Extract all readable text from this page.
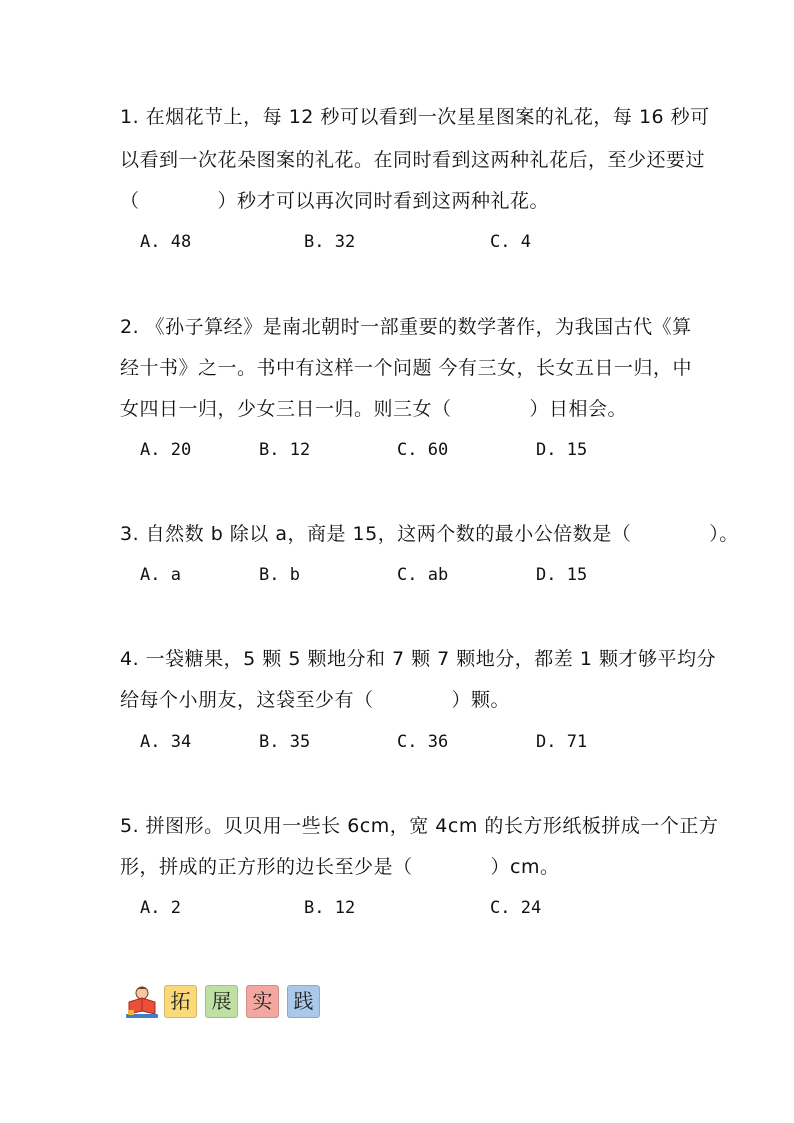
1. 在烟花节上，每 12 秒可以看到一次星星图案的礼花，每 16 秒可
以看到一次花朵图案的礼花。在同时看到这两种礼花后，至少还要过
（　　　　）秒才可以再次同时看到这两种礼花。
A. 48	B. 32	C. 4
2. 《孙子算经》是南北朝时一部重要的数学著作，为我国古代《算
经十书》之一。书中有这样一个问题 今有三女，长女五日一归，中
女四日一归，少女三日一归。则三女（　　　　）日相会。
A. 20	B. 12	C. 60	D. 15
3. 自然数 b 除以 a，商是 15，这两个数的最小公倍数是（　　　　）。
A. a	B. b	C. ab	D. 15
4. 一袋糖果，5 颗 5 颗地分和 7 颗 7 颗地分，都差 1 颗才够平均分
给每个小朋友，这袋至少有（　　　　）颗。
A. 34	B. 35	C. 36	D. 71
5. 拼图形。贝贝用一些长 6cm，宽 4cm 的长方形纸板拼成一个正方
形，拼成的正方形的边长至少是（　　　　）cm。
A. 2	B. 12	C. 24
拓	展	实	践
